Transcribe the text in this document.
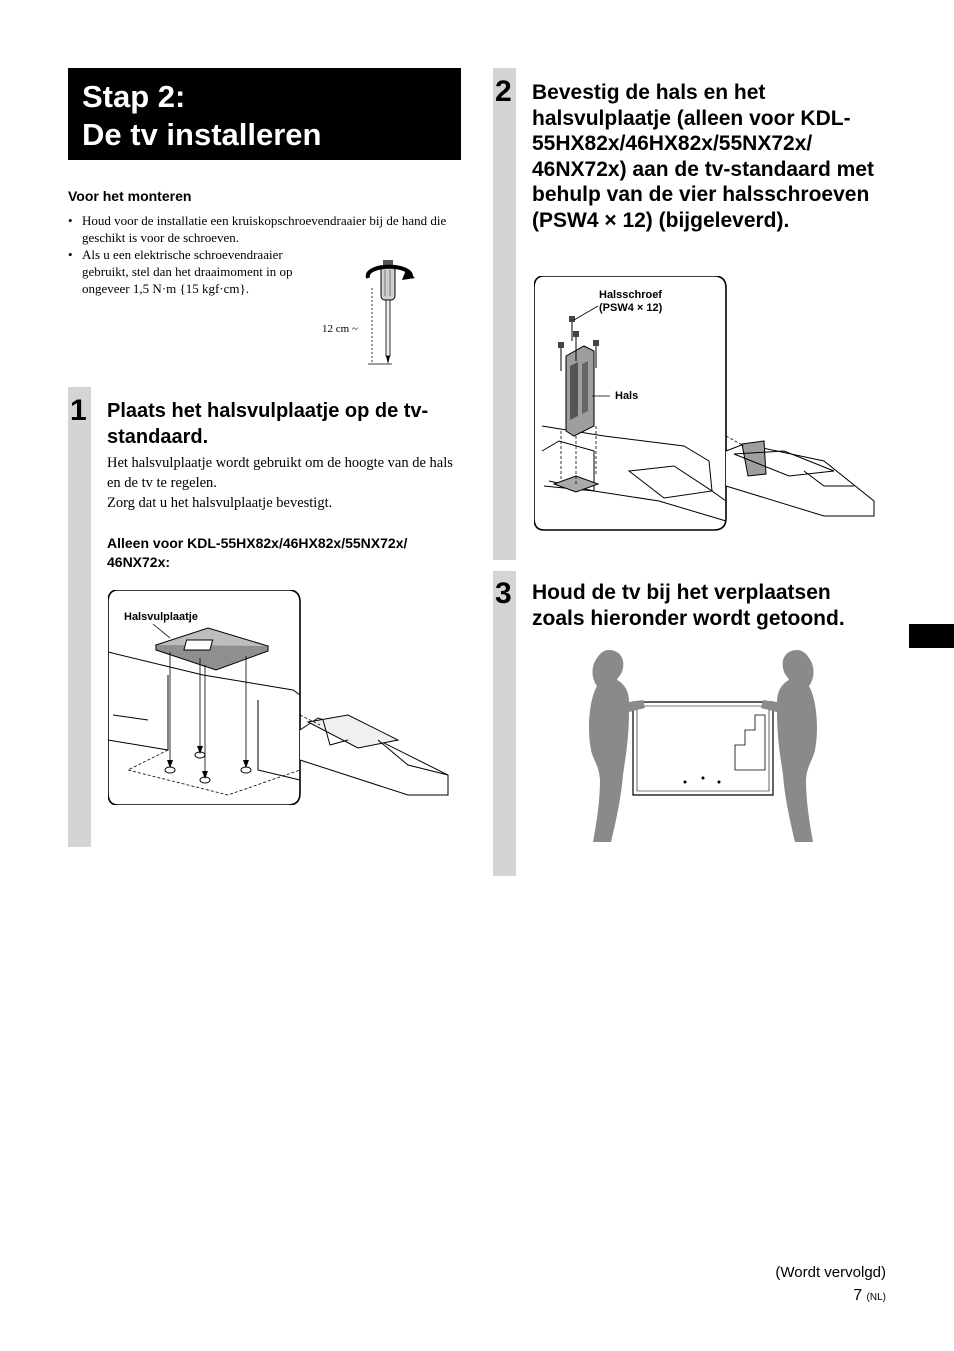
Stap 2:
De tv installeren
Voor het monteren
• Houd voor de installatie een kruiskopschroevendraaier bij de hand die geschikt is voor de schroeven.
• Als u een elektrische schroevendraaier gebruikt, stel dan het draaimoment in op ongeveer 1,5 N·m {15 kgf·cm}.
12 cm ~
1 Plaats het halsvulplaatje op de tv-standaard.
Het halsvulplaatje wordt gebruikt om de hoogte van de hals en de tv te regelen.
Zorg dat u het halsvulplaatje bevestigt.
Alleen voor KDL-55HX82x/46HX82x/55NX72x/ 46NX72x:
Halsvulplaatje
2 Bevestig de hals en het halsvulplaatje (alleen voor KDL-55HX82x/46HX82x/55NX72x/ 46NX72x) aan de tv-standaard met behulp van de vier halsschroeven (PSW4 × 12) (bijgeleverd).
Halsschroef (PSW4 × 12)
Hals
3 Houd de tv bij het verplaatsen zoals hieronder wordt getoond.
(Wordt vervolgd)
7 (NL)
